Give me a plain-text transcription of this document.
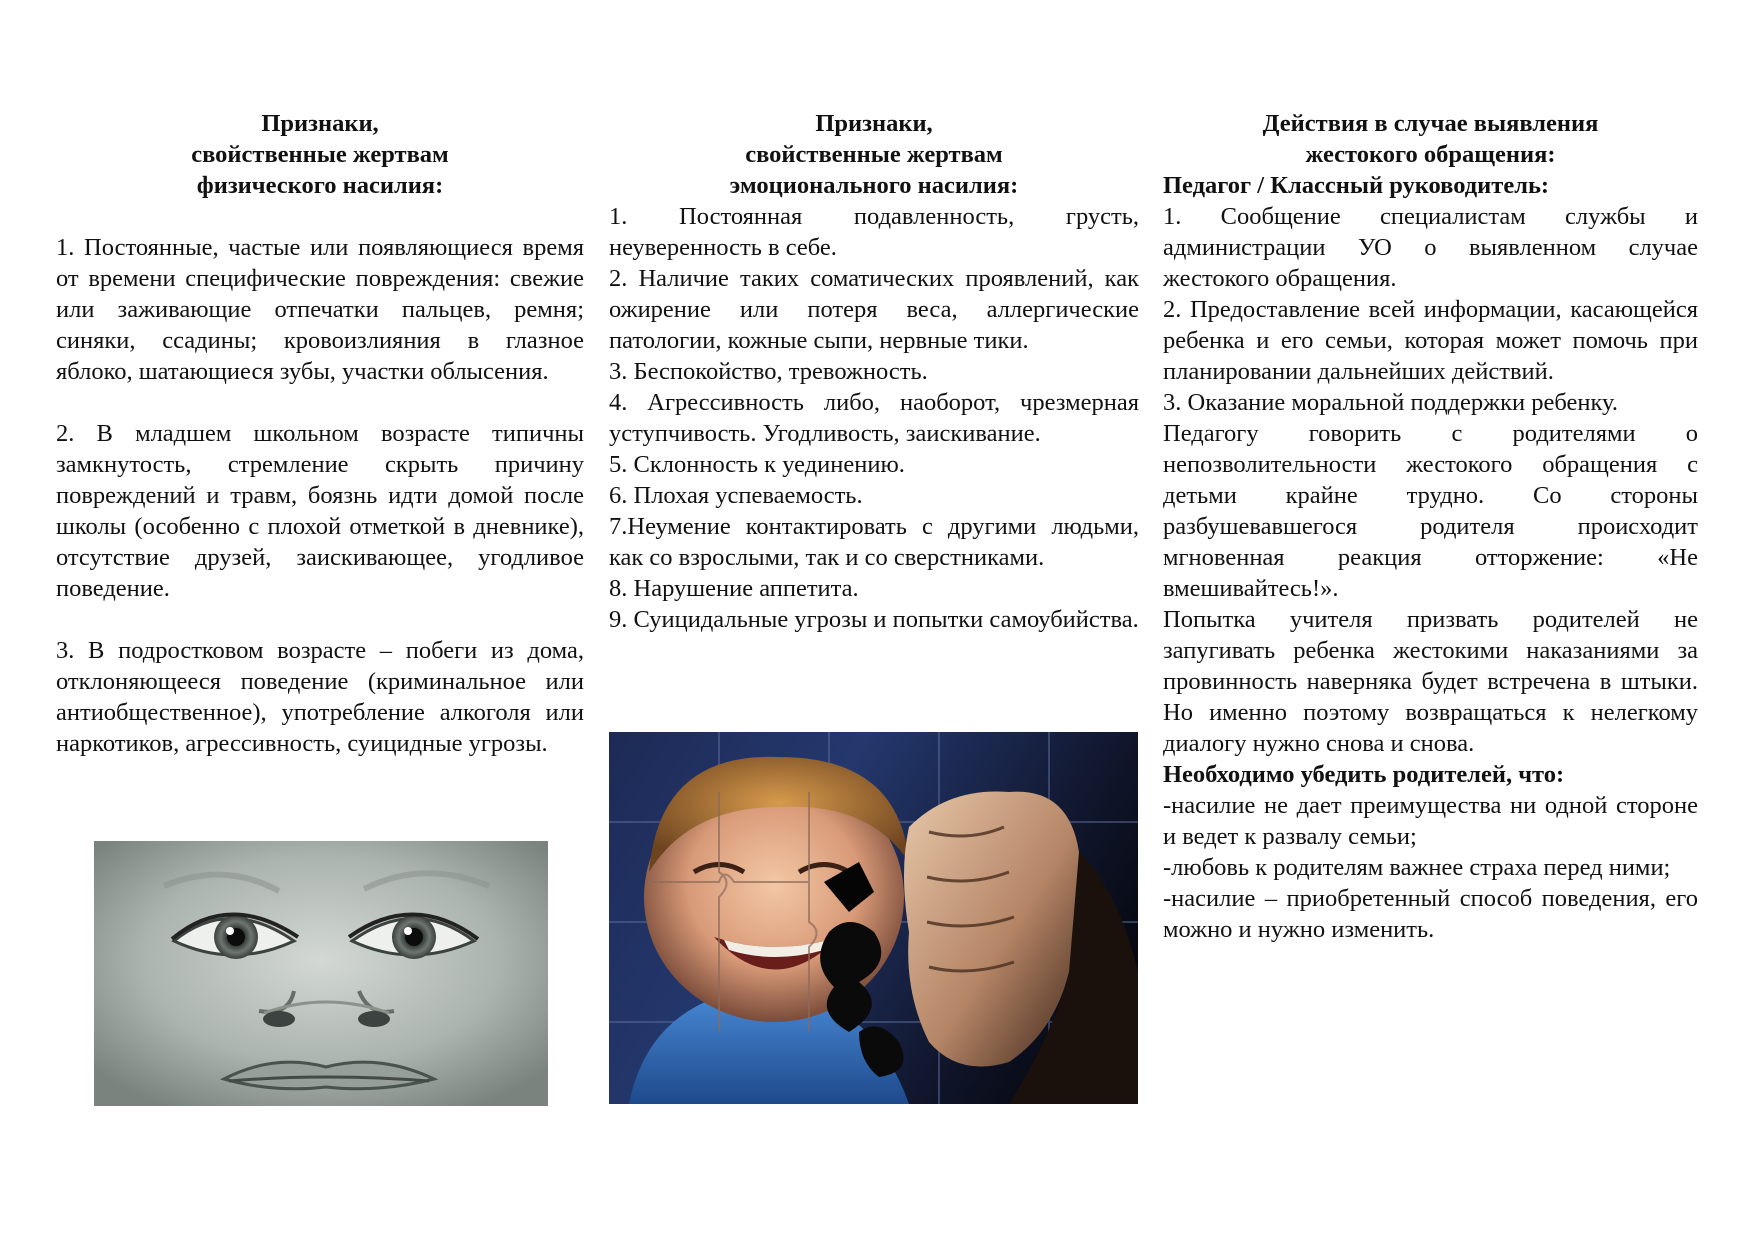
Признаки,
свойственные жертвам
физического насилия:

1. Постоянные, частые или появляющиеся время от времени специфические повреждения: свежие или заживающие отпечатки пальцев, ремня; синяки, ссадины; кровоизлияния в глазное яблоко, шатающиеся зубы, участки облысения.

2. В младшем школьном возрасте типичны замкнутость, стремление скрыть причину повреждений и травм, боязнь идти домой после школы (особенно с плохой отметкой в дневнике), отсутствие друзей, заискивающее, угодливое поведение.

3. В подростковом возрасте – побеги из дома, отклоняющееся поведение (криминальное или антиобщественное), употребление алкоголя или наркотиков, агрессивность, суицидные угрозы.

Признаки,
свойственные жертвам
эмоционального насилия:

1. Постоянная подавленность, грусть, неуверенность в себе.

2. Наличие таких соматических проявлений, как ожирение или потеря веса, аллергические патологии, кожные сыпи, нервные тики.

3. Беспокойство, тревожность.

4. Агрессивность либо, наоборот, чрезмерная уступчивость. Угодливость, заискивание.

5. Склонность к уединению.

6. Плохая успеваемость.

7.Неумение контактировать с другими людьми, как со взрослыми, так и со сверстниками.

8. Нарушение аппетита.

9. Суицидальные угрозы и попытки самоубийства.

Действия в случае выявления
жестокого обращения:

Педагог / Классный руководитель:

1. Сообщение специалистам службы и администрации УО о выявленном случае жестокого обращения.

2. Предоставление всей информации, касающейся ребенка и его семьи, которая может помочь при планировании дальнейших действий.

3. Оказание моральной поддержки ребенку.

Педагогу говорить с родителями о непозволительности жестокого обращения с детьми крайне трудно. Со стороны разбушевавшегося родителя происходит мгновенная реакция отторжение: «Не вмешивайтесь!».

Попытка учителя призвать родителей не запугивать ребенка жестокими наказаниями за провинность наверняка будет встречена в штыки. Но именно поэтому возвращаться к нелегкому диалогу нужно снова и снова.

Необходимо убедить родителей, что:

-насилие не дает преимущества ни одной стороне и ведет к развалу семьи;

-любовь к родителям важнее страха перед ними;

-насилие – приобретенный способ поведения, его можно и нужно изменить.
